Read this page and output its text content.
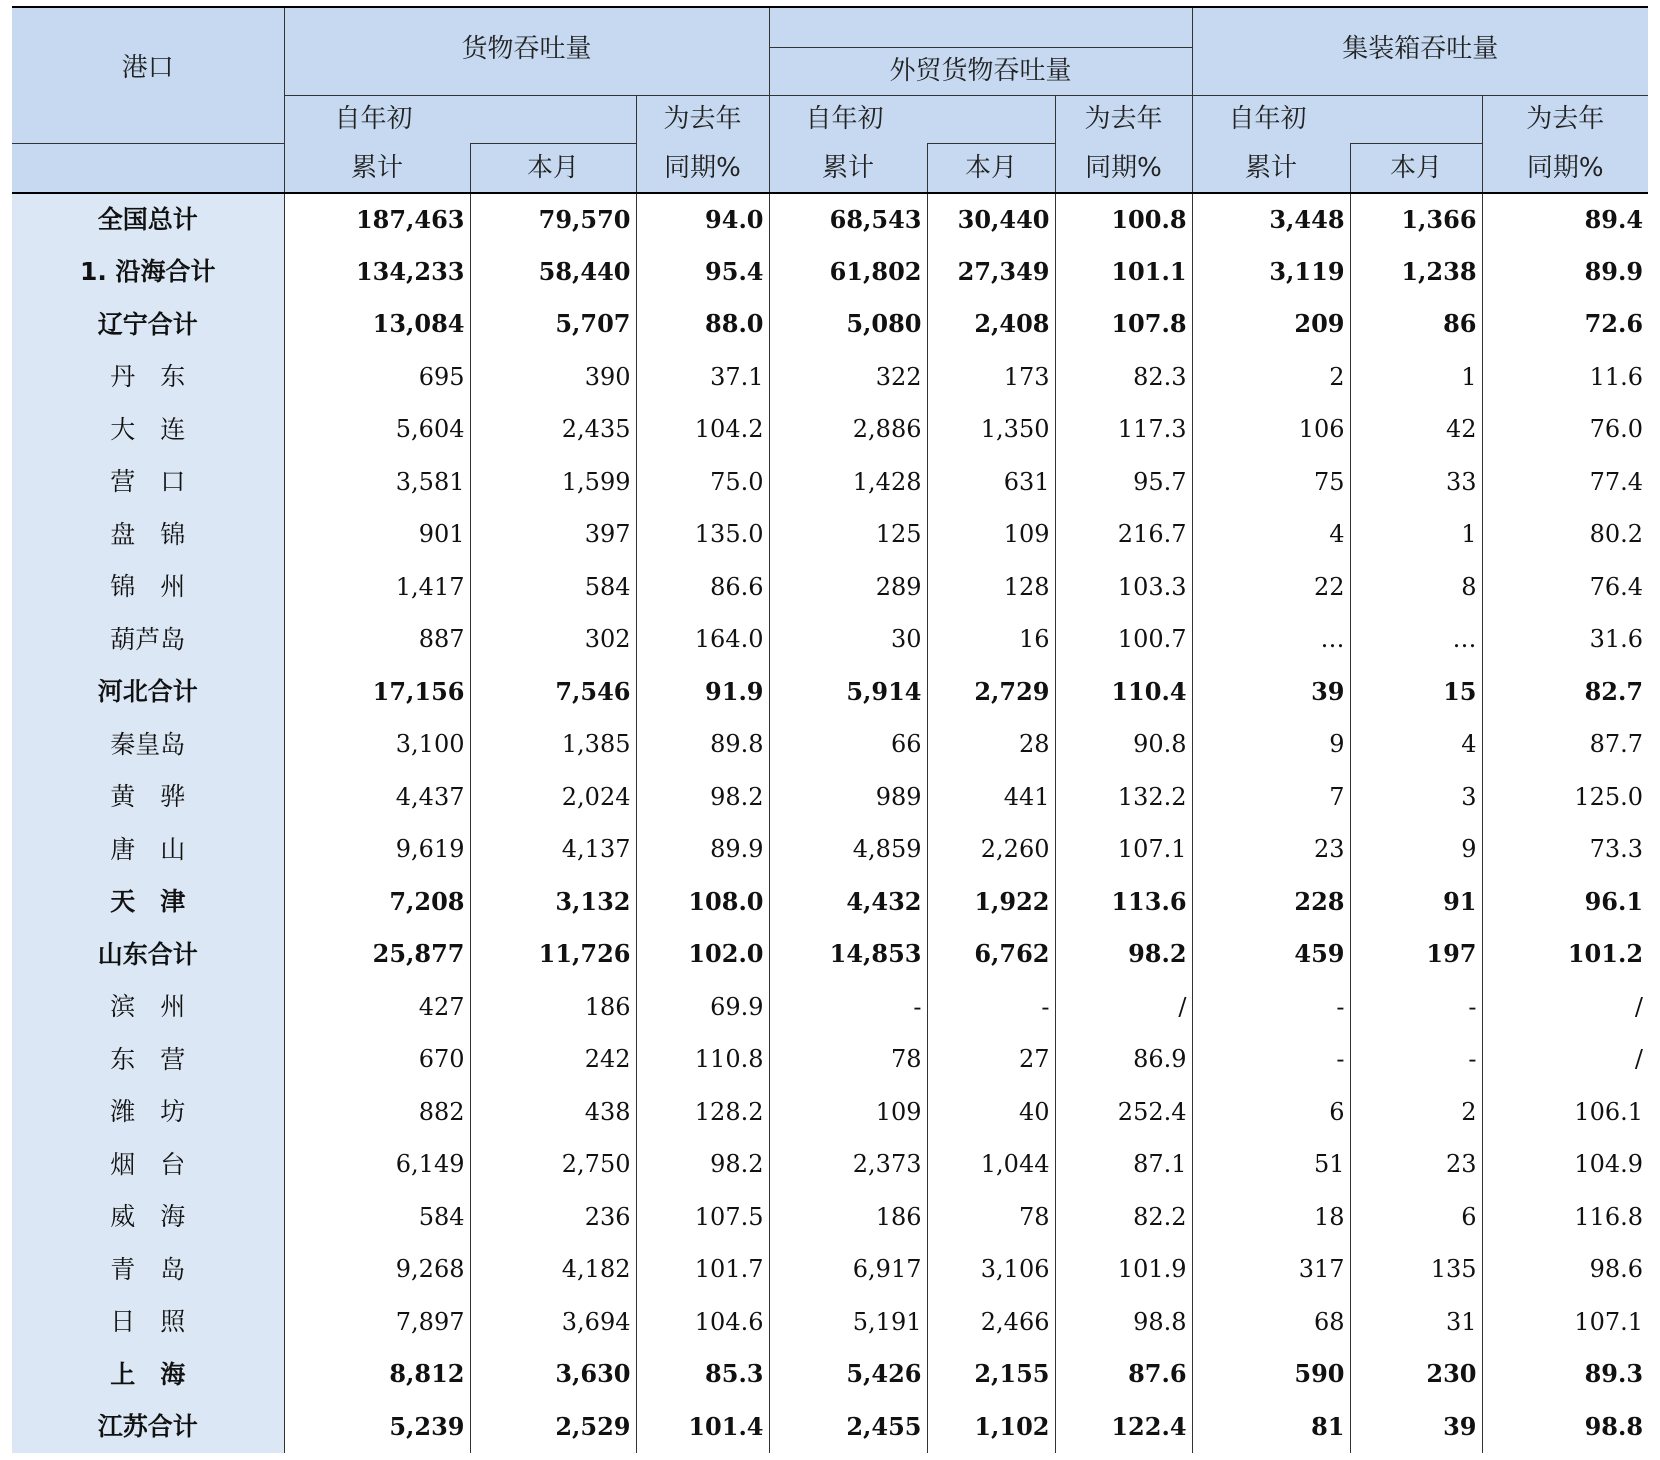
港口	货物吞吐量						集装箱吞吐量		
				外贸货物吞吐量					
	自年初		为去年	自年初		为去年	自年初		为去年
	累计	本月	同期%	累计	本月	同期%	累计	本月	同期%
全国总计	187,463	79,570	94.0	68,543	30,440	100.8	3,448	1,366	89.4
1. 沿海合计	134,233	58,440	95.4	61,802	27,349	101.1	3,119	1,238	89.9
辽宁合计	13,084	5,707	88.0	5,080	2,408	107.8	209	86	72.6
丹　东	695	390	37.1	322	173	82.3	2	1	11.6
大　连	5,604	2,435	104.2	2,886	1,350	117.3	106	42	76.0
营　口	3,581	1,599	75.0	1,428	631	95.7	75	33	77.4
盘　锦	901	397	135.0	125	109	216.7	4	1	80.2
锦　州	1,417	584	86.6	289	128	103.3	22	8	76.4
葫芦岛	887	302	164.0	30	16	100.7	…	…	31.6
河北合计	17,156	7,546	91.9	5,914	2,729	110.4	39	15	82.7
秦皇岛	3,100	1,385	89.8	66	28	90.8	9	4	87.7
黄　骅	4,437	2,024	98.2	989	441	132.2	7	3	125.0
唐　山	9,619	4,137	89.9	4,859	2,260	107.1	23	9	73.3
天　津	7,208	3,132	108.0	4,432	1,922	113.6	228	91	96.1
山东合计	25,877	11,726	102.0	14,853	6,762	98.2	459	197	101.2
滨　州	427	186	69.9	-	-	/	-	-	/
东　营	670	242	110.8	78	27	86.9	-	-	/
潍　坊	882	438	128.2	109	40	252.4	6	2	106.1
烟　台	6,149	2,750	98.2	2,373	1,044	87.1	51	23	104.9
威　海	584	236	107.5	186	78	82.2	18	6	116.8
青　岛	9,268	4,182	101.7	6,917	3,106	101.9	317	135	98.6
日　照	7,897	3,694	104.6	5,191	2,466	98.8	68	31	107.1
上　海	8,812	3,630	85.3	5,426	2,155	87.6	590	230	89.3
江苏合计	5,239	2,529	101.4	2,455	1,102	122.4	81	39	98.8
